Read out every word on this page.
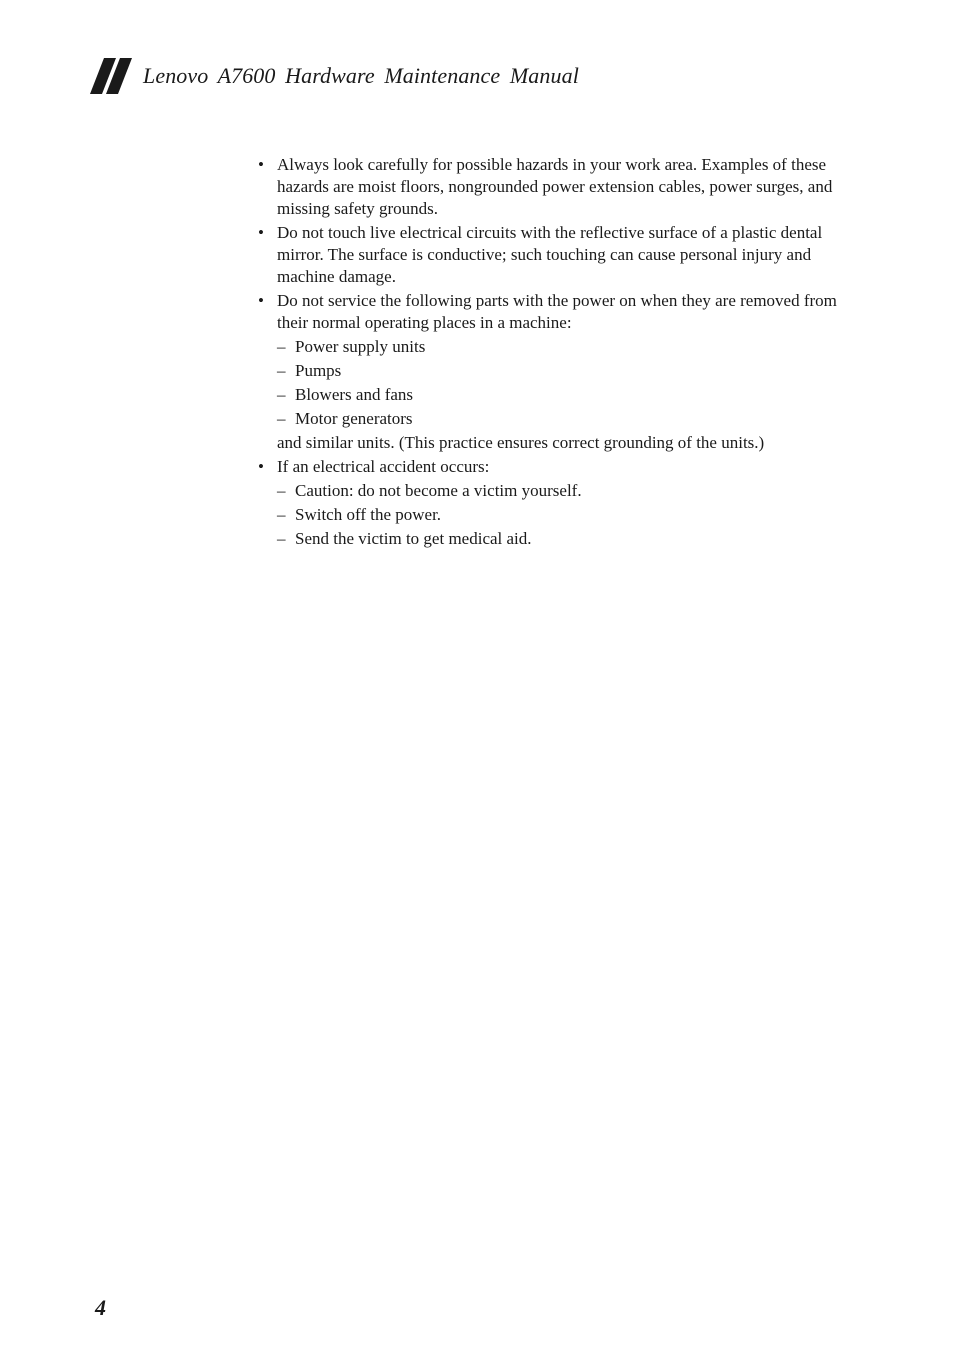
Lenovo A7600 Hardware Maintenance Manual
• Always look carefully for possible hazards in your work area. Examples of these hazards are moist floors, nongrounded power extension cables, power surges, and missing safety grounds.
• Do not touch live electrical circuits with the reflective surface of a plastic dental mirror. The surface is conductive; such touching can cause personal injury and machine damage.
• Do not service the following parts with the power on when they are removed from their normal operating places in a machine:
– Power supply units
– Pumps
– Blowers and fans
– Motor generators
and similar units. (This practice ensures correct grounding of the units.)
• If an electrical accident occurs:
– Caution: do not become a victim yourself.
– Switch off the power.
– Send the victim to get medical aid.
4
